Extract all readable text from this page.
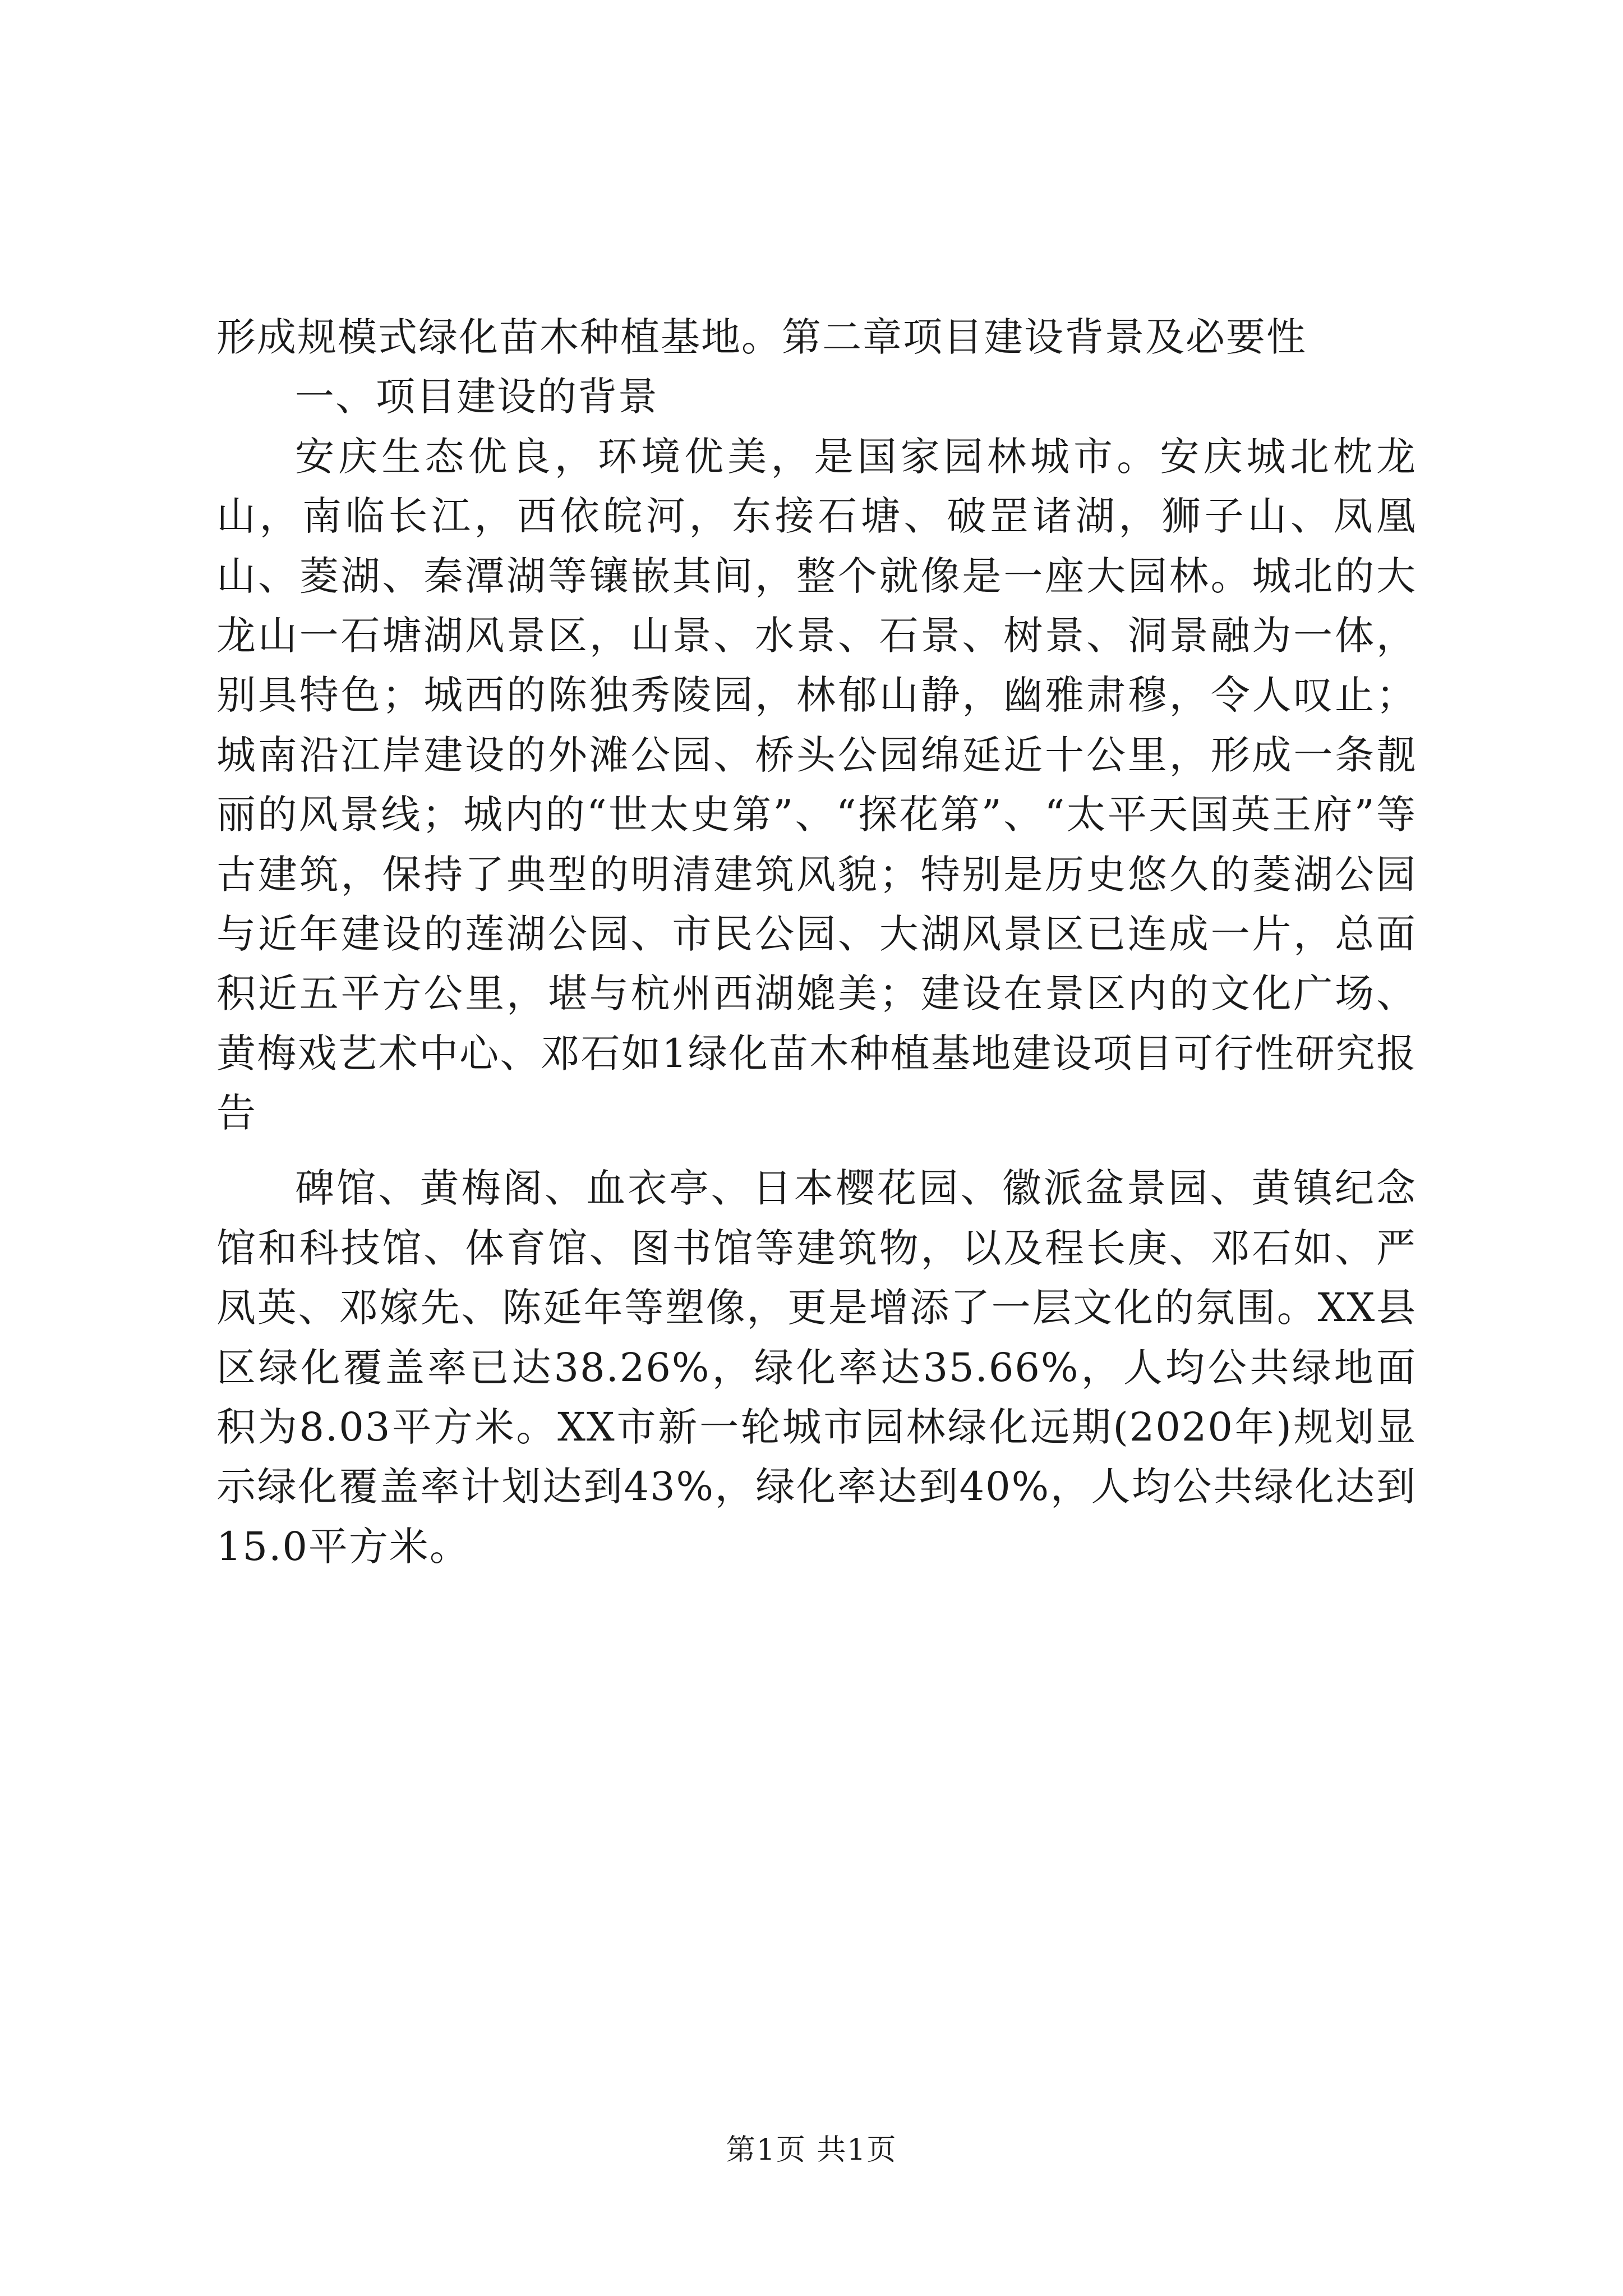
形成规模式绿化苗木种植基地。第二章项目建设背景及必要性

一、项目建设的背景

安庆生态优良，环境优美，是国家园林城市。安庆城北枕龙山，南临长江，西依皖河，东接石塘、破罡诸湖，狮子山、凤凰山、菱湖、秦潭湖等镶嵌其间，整个就像是一座大园林。城北的大龙山一石塘湖风景区，山景、水景、石景、树景、洞景融为一体，别具特色；城西的陈独秀陵园，林郁山静，幽雅肃穆，令人叹止；城南沿江岸建设的外滩公园、桥头公园绵延近十公里，形成一条靓丽的风景线；城内的“世太史第”、“探花第”、“太平天国英王府”等古建筑，保持了典型的明清建筑风貌；特别是历史悠久的菱湖公园与近年建设的莲湖公园、市民公园、大湖风景区已连成一片，总面积近五平方公里，堪与杭州西湖媲美；建设在景区内的文化广场、黄梅戏艺术中心、邓石如1绿化苗木种植基地建设项目可行性研究报告

碑馆、黄梅阁、血衣亭、日本樱花园、徽派盆景园、黄镇纪念馆和科技馆、体育馆、图书馆等建筑物，以及程长庚、邓石如、严凤英、邓嫁先、陈延年等塑像，更是增添了一层文化的氛围。XX县区绿化覆盖率已达38.26%，绿化率达35.66%，人均公共绿地面积为8.03平方米。XX市新一轮城市园林绿化远期(2020年)规划显示绿化覆盖率计划达到43%，绿化率达到40%，人均公共绿化达到15.0平方米。

第1页 共1页
